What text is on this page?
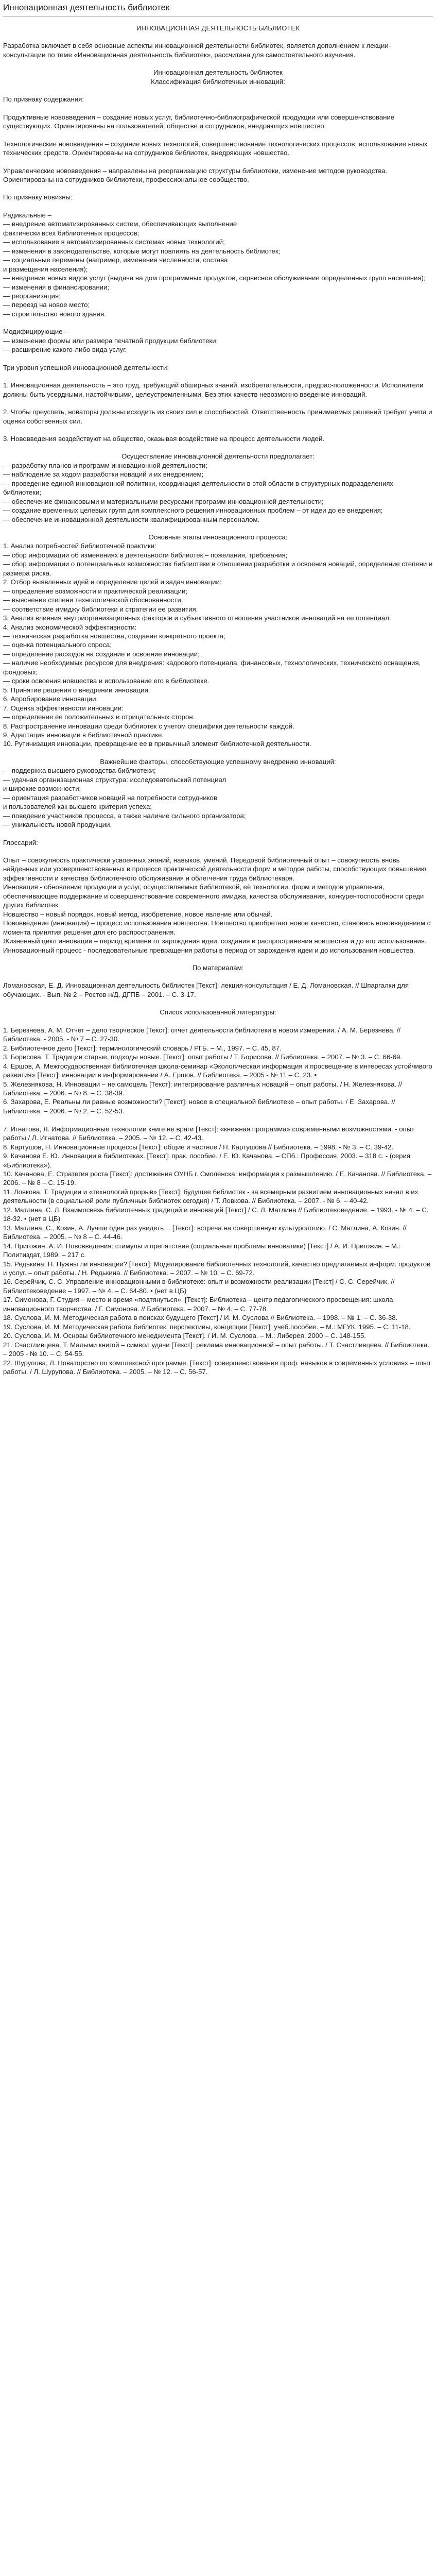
Инновационная деятельность библиотек

ИННОВАЦИОННАЯ ДЕЯТЕЛЬНОСТЬ БИБЛИОТЕК

Разработка включает в себя основные аспекты инновационной деятельности библиотек, является дополнением к лекции-консультации по теме «Инновационная деятельность библиотек», рассчитана для самостоятельного изучения.

Инновационная деятельность библиотек

Классификация библиотечных инноваций:

По признаку содержания:

Продуктивные нововведения – создание новых услуг, библиотечно-библиографической продукции или совершенствование существующих. Ориентированы на пользователей; обществе и сотрудников, внедряющих новшество.

Технологические нововведения – создание новых технологий, совершенствование технологических процессов, использование новых технических средств. Ориентированы на сотрудников библиотек, внедряющих новшество.

Управленческие нововведения – направлены на реорганизацию структуры библиотеки, изменение методов руководства. Ориентированы на сотрудников библиотеки, профессиональное сообщество.

По признаку новизны:

Радикальные –
— внедрение автоматизированных систем, обеспечивающих выполнение
фактически всех библиотечных процессов;
— использование в автоматизированных системах новых технологий;
— изменения в законодательстве, которые могут повлиять на деятельность библиотек;
— социальные перемены (например, изменения численности, состава
и размещения населения);
— внедрение новых видов услуг (выдача на дом программных продуктов, сервисное обслуживание определенных групп населения);
— изменения в финансировании;
— реорганизация;
— переезд на новое место;
— строительство нового здания.

Модифицирующие –
— изменение формы или размера печатной продукции библиотеки;
— расширение какого-либо вида услуг.

Три уровня успешной инновационной деятельности:

1. Инновационная деятельность – это труд, требующий обширных знаний, изобретательности, предрас-положенности. Исполнители должны быть усердными, настойчивыми, целеустремленными. Без этих качеств невозможно введение инноваций.

2. Чтобы преуспеть, новаторы должны исходить из своих сил и способностей. Ответственность принимаемых решений требует учета и оценки собственных сил.

3. Нововведения воздействуют на общество, оказывая воздействие на процесс деятельности людей.

Осуществление инновационной деятельности предполагает:

— разработку планов и программ инновационной деятельности;
— наблюдение за ходом разработки новаций и их внедрением;
— проведение единой инновационной политики, координация деятельности в этой области в структурных подразделениях библиотеки;
— обеспечение финансовыми и материальными ресурсами программ инновационной деятельности;
— создание временных целевых групп для комплексного решения инновационных проблем – от идеи до ее внедрения;
— обеспечение инновационной деятельности квалифицированным персоналом.

Основные этапы инновационного процесса:

1. Анализ потребностей библиотечной практики:
— сбор информации об изменениях в деятельности библиотек – пожелания, требования;
— сбор информации о потенциальных возможностях библиотеки в отношении разработки и освоения новаций, определение степени и размера риска.
2. Отбор выявленных идей и определение целей и задач инновации:
— определение возможности и практической реализации;
— выяснение степени технологической обоснованности;
— соответствие имиджу библиотеки и стратегии ее развития.
3. Анализ влияния внутриорганизационных факторов и субъективного отношения участников инноваций на ее потенциал.
4. Анализ экономической эффективности:
— техническая разработка новшества, создание конкретного проекта;
— оценка потенциального спроса;
— определение расходов на создание и освоение инновации;
— наличие необходимых ресурсов для внедрения: кадрового потенциала, финансовых, технологических, технического оснащения, фондовых;
— сроки освоения новшества и использование его в библиотеке.
5. Принятие решения о внедрении инновации.
6. Апробирование инновации.
7. Оценка эффективности инновации:
— определение ее положительных и отрицательных сторон.
8. Распространение инновации среди библиотек с учетом специфики деятельности каждой.
9. Адаптация инновации в библиотечной практике.
10. Рутинизация инновации, превращение ее в привычный элемент библиотечной деятельности.

Важнейшие факторы, способствующие успешному внедрению инноваций:

— поддержка высшего руководства библиотеки;
— удачная организационная структура: исследовательский потенциал
и широкие возможности;
— ориентация разработчиков новаций на потребности сотрудников
и пользователей как высшего критерия успеха;
— поведение участников процесса, а также наличие сильного организатора;
— уникальность новой продукции.

Глоссарий:

Опыт – совокупность практически усвоенных знаний, навыков, умений. Передовой библиотечный опыт – совокупность вновь найденных или усовершенствованных в процессе практической деятельности форм и методов работы, способствующих повышению эффективности и качества библиотечного обслуживания и облегчения труда библиотекаря.
Инновация - обновление продукции и услуг, осуществляемых библиотекой, её технологии, форм и методов управления, обеспечивающее поддержание и совершенствование современного имиджа, качества обслуживания, конкурентоспособности среди других библиотек.
Новшество – новый порядок, новый метод, изобретение, новое явление или обычай.
Нововведение (инновация) – процесс использования новшества. Новшество приобретает новое качество, становясь нововведением с момента принятия решения для его распространения.
Жизненный цикл инновации – период времени от зарождения идеи, создания и распространения новшества и до его использования.
Инновационный процесс - последовательные превращения работы в период от зарождения идеи и до использования новшества.

По материалам:

Ломановская, Е. Д. Инновационная деятельность библиотек [Текст]: лекция-консультация / Е. Д. Ломановская. // Шпаргалки для обучающих. - Вып. № 2 – Ростов н/Д. ДГПБ – 2001. – С. 3-17.

Список использованной литературы:

1. Березнева, А. М. Отчет – дело творческое [Текст]: отчет деятельности библиотеки в новом измерении. / А. М. Березнева. // Библиотека. - 2005. - № 7 – С. 27-30.
2. Библиотечное дело [Текст]: терминологический словарь / РГБ. – М., 1997. – С. 45, 87.
3. Борисова. Т. Традиции старые, подходы новые. [Текст]: опыт работы / Т. Борисова. // Библиотека. – 2007. – № 3. – С. 66-69.
4. Ершов, А. Межгосударственная библиотечная школа-семинар «Экологическая информация и просвещение в интересах устойчивого развития» [Текст]: инновации в информировании / А. Ершов. // Библиотека. – 2005 - № 11 – С. 23. •
5. Железнякова, Н. Инновации – не самоцель [Текст]: интегрирование различных новаций – опыт работы. / Н. Железнякова. // Библиотека. – 2006. – № 8. – С. 38-39.
6. Захарова, Е. Реальны ли равные возможности? [Текст]: новое в специальной библиотеке – опыт работы. / Е. Захарова. // Библиотека. – 2006. – № 2. – С. 52-53.

7. Игнатова, Л. Информационные технологии книге не враги [Текст]: «книжная программа» современными возможностями. - опыт работы / Л. Игнатова. // Библиотека. – 2005. – № 12. – С. 42-43.
8. Картушов, Н. Инновационные процессы [Текст]: общие и частное / Н. Картушова // Библиотека. – 1998. - № 3. – С. 39-42.
9. Качанова Е. Ю. Инновации в библиотеках. [Текст]: прак. пособие. / Е. Ю. Качанова. – СПб.: Профессия, 2003. – 318 с. - (серия «Библиотека»).
10. Качанова, Е. Стратегия роста [Текст]: достижения ОУНБ г. Смоленска: информация к размышлению. / Е. Качанова. // Библиотека. – 2006. – № 8 – С. 15-19.
11. Ловкова, Т. Традиции и «технологий прорыв» [Текст]: будущее библиотек - за всемерным развитием инновационных начал в их деятельности (в социальной роли публичных библиотек сегодня) / Т. Ловкова. // Библиотека. – 2007. - № 6. – 40-42.
12. Матлина, С. Л. Взаимосвязь библиотечных традиций и инноваций [Текст] / С. Л. Матлина // Библиотековедение. – 1993. - № 4. – С. 18-32. • (нет в ЦБ)
13. Матлина, С., Козин, А. Лучше один раз увидеть… [Текст]: встреча на совершенную культурологию. / С. Матлина, А. Козин. // Библиотека. – 2005. – № 8 – С. 44-46.
14. Пригожин, А. И. Нововведения: стимулы и препятствия (социальные проблемы инноватики) [Текст] / А. И. Пригожин. – М.: Политиздат, 1989. – 217 с.
15. Редькина, Н. Нужны ли инновации? [Текст]: Моделирование библиотечных технологий, качество предлагаемых информ. продуктов и услуг. – опыт работы. / Н. Редькина. // Библиотека. – 2007. – № 10. – С. 69-72.
16. Серейчик, С. С. Управление инновационными в библиотеке: опыт и возможности реализации [Текст] / С. С. Серейчик. // Библиотековедение – 1997. – № 4. – С. 64-80. • (нет в ЦБ)
17. Симонова, Г. Студия – место и время «подтянуться». [Текст]: Библиотека – центр педагогического просвещения: школа инновационного творчества. / Г. Симонова. // Библиотека. – 2007. – № 4. – С. 77-78.
18. Суслова, И. М. Методическая работа в поисках будущего [Текст] / И. М. Суслова // Библиотека. – 1998. – № 1. – С. 36-38.
19. Суслова, И. М. Методическая работа библиотек: перспективы, концепции [Текст]: учеб.пособие. – М.: МГУК, 1995. – С. 11-18.
20. Суслова, И. М. Основы библиотечного менеджмента [Текст]. / И. М. Суслова. – М.: Либерея, 2000 – С. 148-155.
21. Счастливцева, Т. Малыми книгой – символ удачи [Текст]: реклама инновационной – опыт работы. / Т. Счастливцева. // Библиотека. – 2005 - № 10. – С. 54-55.
22. Шурупова, Л. Новаторство по комплексной программе. [Текст]: совершенствование проф. навыков в современных условиях – опыт работы. / Л. Шурупова. // Библиотека. – 2005. – № 12. – С. 56-57.
